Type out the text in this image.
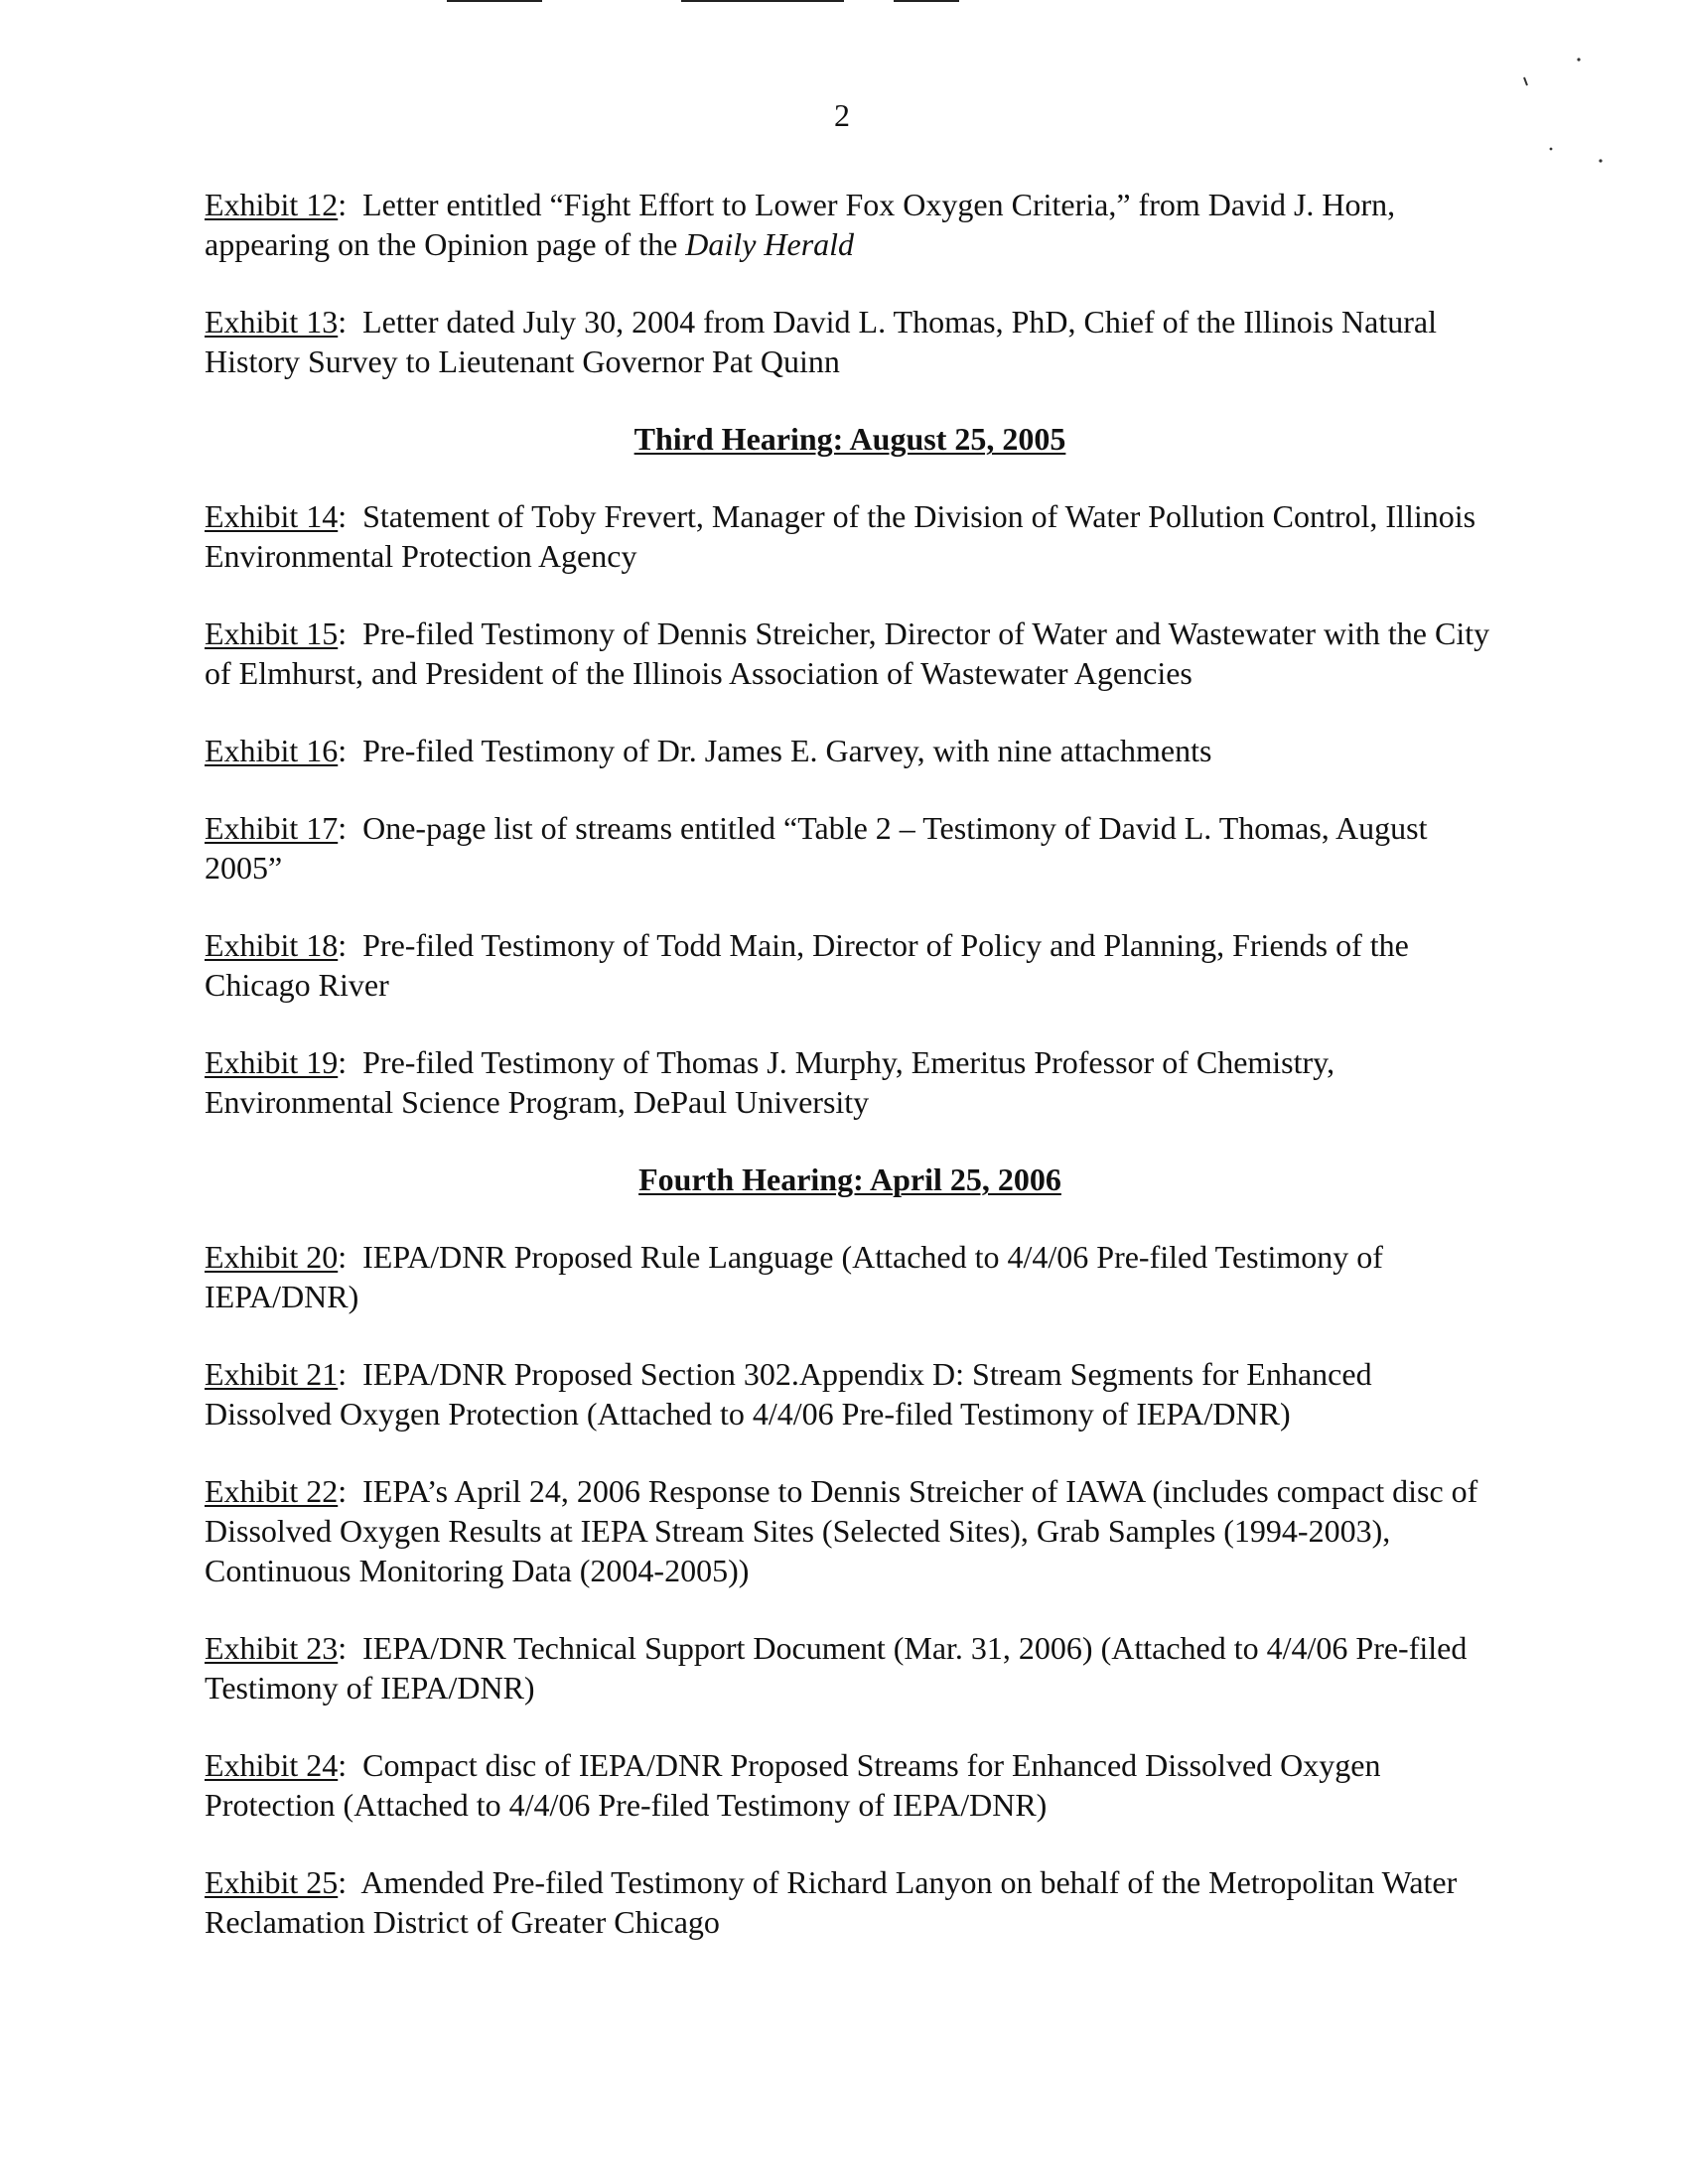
2

Exhibit 12:  Letter entitled “Fight Effort to Lower Fox Oxygen Criteria,” from David J. Horn, appearing on the Opinion page of the Daily Herald

Exhibit 13:  Letter dated July 30, 2004 from David L. Thomas, PhD, Chief of the Illinois Natural History Survey to Lieutenant Governor Pat Quinn

Third Hearing: August 25, 2005

Exhibit 14:  Statement of Toby Frevert, Manager of the Division of Water Pollution Control, Illinois Environmental Protection Agency

Exhibit 15:  Pre-filed Testimony of Dennis Streicher, Director of Water and Wastewater with the City of Elmhurst, and President of the Illinois Association of Wastewater Agencies

Exhibit 16:  Pre-filed Testimony of Dr. James E. Garvey, with nine attachments

Exhibit 17:  One-page list of streams entitled “Table 2 – Testimony of David L. Thomas, August 2005”

Exhibit 18:  Pre-filed Testimony of Todd Main, Director of Policy and Planning, Friends of the Chicago River

Exhibit 19:  Pre-filed Testimony of Thomas J. Murphy, Emeritus Professor of Chemistry, Environmental Science Program, DePaul University

Fourth Hearing: April 25, 2006

Exhibit 20:  IEPA/DNR Proposed Rule Language (Attached to 4/4/06 Pre-filed Testimony of IEPA/DNR)

Exhibit 21:  IEPA/DNR Proposed Section 302.Appendix D: Stream Segments for Enhanced Dissolved Oxygen Protection (Attached to 4/4/06 Pre-filed Testimony of IEPA/DNR)

Exhibit 22:  IEPA’s April 24, 2006 Response to Dennis Streicher of IAWA (includes compact disc of Dissolved Oxygen Results at IEPA Stream Sites (Selected Sites), Grab Samples (1994-2003), Continuous Monitoring Data (2004-2005))

Exhibit 23:  IEPA/DNR Technical Support Document (Mar. 31, 2006) (Attached to 4/4/06 Pre-filed Testimony of IEPA/DNR)

Exhibit 24:  Compact disc of IEPA/DNR Proposed Streams for Enhanced Dissolved Oxygen Protection (Attached to 4/4/06 Pre-filed Testimony of IEPA/DNR)

Exhibit 25:  Amended Pre-filed Testimony of Richard Lanyon on behalf of the Metropolitan Water Reclamation District of Greater Chicago
